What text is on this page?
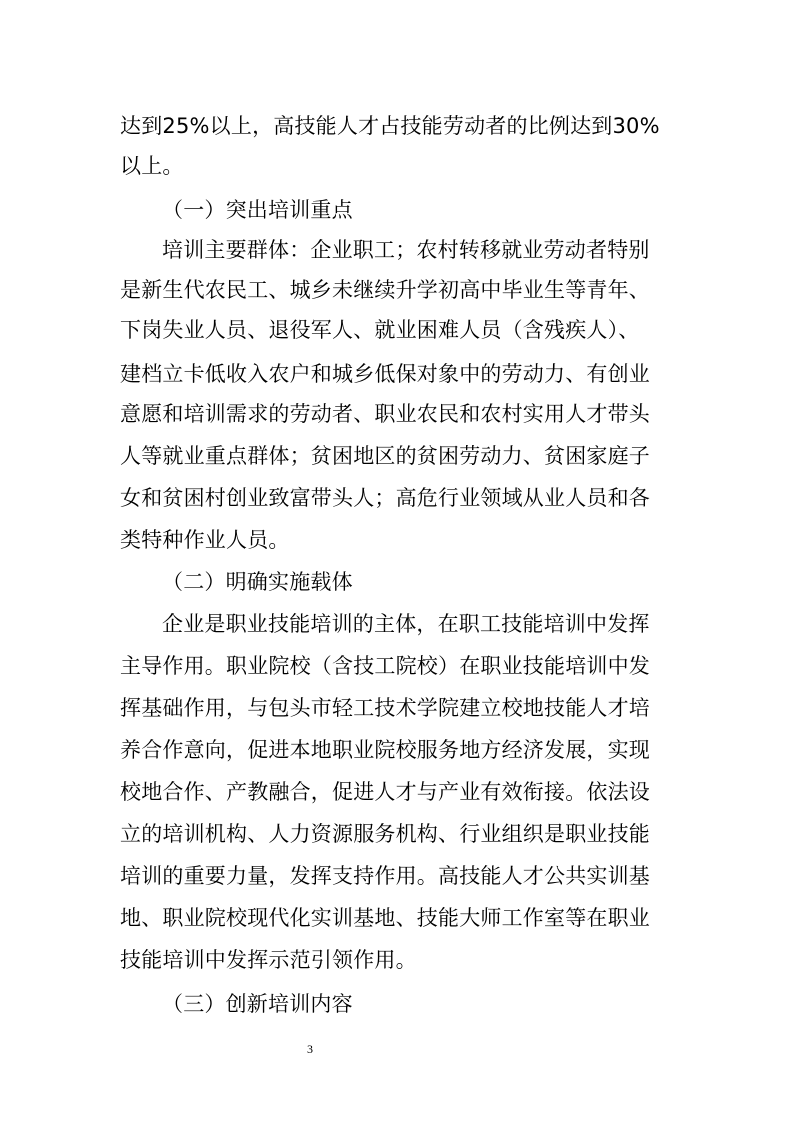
达到25%以上，高技能人才占技能劳动者的比例达到30%

以上。

（一）突出培训重点

培训主要群体：企业职工；农村转移就业劳动者特别

是新生代农民工、城乡未继续升学初高中毕业生等青年、

下岗失业人员、退役军人、就业困难人员（含残疾人）、

建档立卡低收入农户和城乡低保对象中的劳动力、有创业

意愿和培训需求的劳动者、职业农民和农村实用人才带头

人等就业重点群体；贫困地区的贫困劳动力、贫困家庭子

女和贫困村创业致富带头人；高危行业领域从业人员和各

类特种作业人员。

（二）明确实施载体

企业是职业技能培训的主体，在职工技能培训中发挥

主导作用。职业院校（含技工院校）在职业技能培训中发

挥基础作用，与包头市轻工技术学院建立校地技能人才培

养合作意向，促进本地职业院校服务地方经济发展，实现

校地合作、产教融合，促进人才与产业有效衔接。依法设

立的培训机构、人力资源服务机构、行业组织是职业技能

培训的重要力量，发挥支持作用。高技能人才公共实训基

地、职业院校现代化实训基地、技能大师工作室等在职业

技能培训中发挥示范引领作用。

（三）创新培训内容

3
